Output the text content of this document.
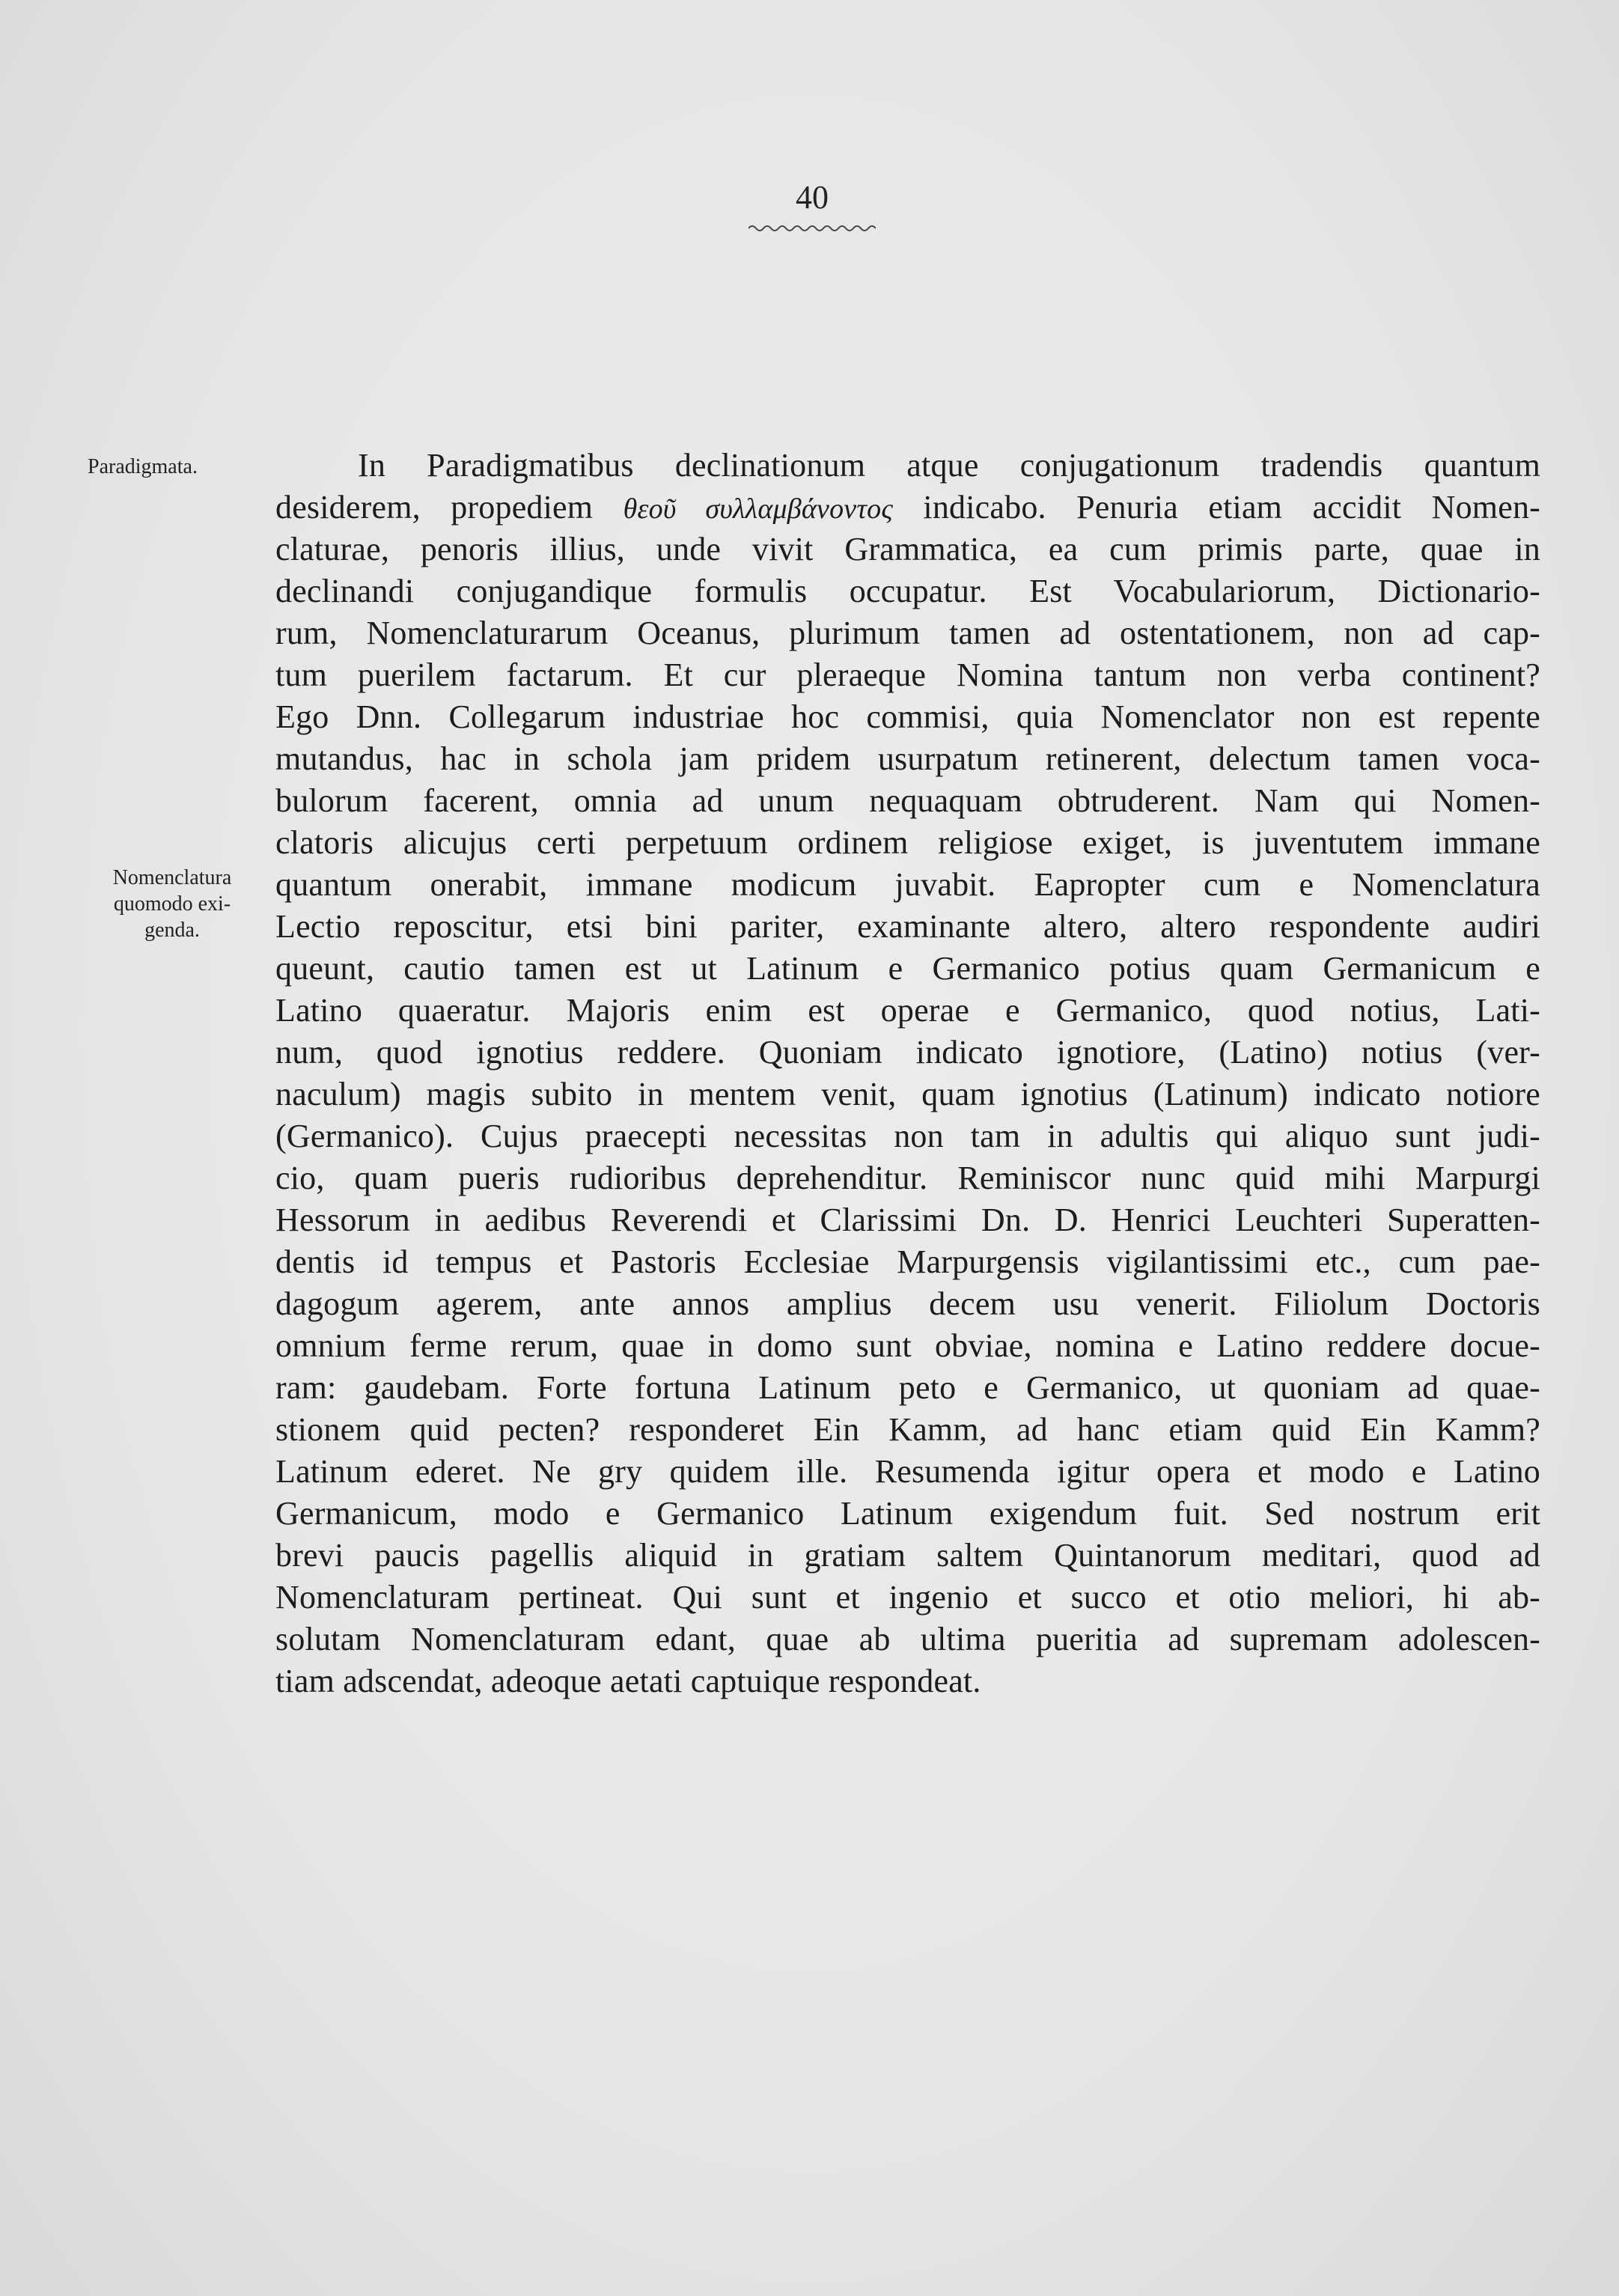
40
Paradigmata.
Nomenclatura
quomodo exi-
genda.
In Paradigmatibus declinationum atque conjugationum tradendis quantum
desiderem, propediem θεοῦ συλλαμβάνοντος indicabo. Penuria etiam accidit Nomen-
claturae, penoris illius, unde vivit Grammatica, ea cum primis parte, quae in
declinandi conjugandique formulis occupatur. Est Vocabulariorum, Dictionario-
rum, Nomenclaturarum Oceanus, plurimum tamen ad ostentationem, non ad cap-
tum puerilem factarum. Et cur pleraeque Nomina tantum non verba continent?
Ego Dnn. Collegarum industriae hoc commisi, quia Nomenclator non est repente
mutandus, hac in schola jam pridem usurpatum retinerent, delectum tamen voca-
bulorum facerent, omnia ad unum nequaquam obtruderent. Nam qui Nomen-
clatoris alicujus certi perpetuum ordinem religiose exiget, is juventutem immane
quantum onerabit, immane modicum juvabit. Eapropter cum e Nomenclatura
Lectio reposcitur, etsi bini pariter, examinante altero, altero respondente audiri
queunt, cautio tamen est ut Latinum e Germanico potius quam Germanicum e
Latino quaeratur. Majoris enim est operae e Germanico, quod notius, Lati-
num, quod ignotius reddere. Quoniam indicato ignotiore, (Latino) notius (ver-
naculum) magis subito in mentem venit, quam ignotius (Latinum) indicato notiore
(Germanico). Cujus praecepti necessitas non tam in adultis qui aliquo sunt judi-
cio, quam pueris rudioribus deprehenditur. Reminiscor nunc quid mihi Marpurgi
Hessorum in aedibus Reverendi et Clarissimi Dn. D. Henrici Leuchteri Superatten-
dentis id tempus et Pastoris Ecclesiae Marpurgensis vigilantissimi etc., cum pae-
dagogum agerem, ante annos amplius decem usu venerit. Filiolum Doctoris
omnium ferme rerum, quae in domo sunt obviae, nomina e Latino reddere docue-
ram: gaudebam. Forte fortuna Latinum peto e Germanico, ut quoniam ad quae-
stionem quid pecten? responderet Ein Kamm, ad hanc etiam quid Ein Kamm?
Latinum ederet. Ne gry quidem ille. Resumenda igitur opera et modo e Latino
Germanicum, modo e Germanico Latinum exigendum fuit. Sed nostrum erit
brevi paucis pagellis aliquid in gratiam saltem Quintanorum meditari, quod ad
Nomenclaturam pertineat. Qui sunt et ingenio et succo et otio meliori, hi ab-
solutam Nomenclaturam edant, quae ab ultima pueritia ad supremam adolescen-
tiam adscendat, adeoque aetati captuique respondeat.
